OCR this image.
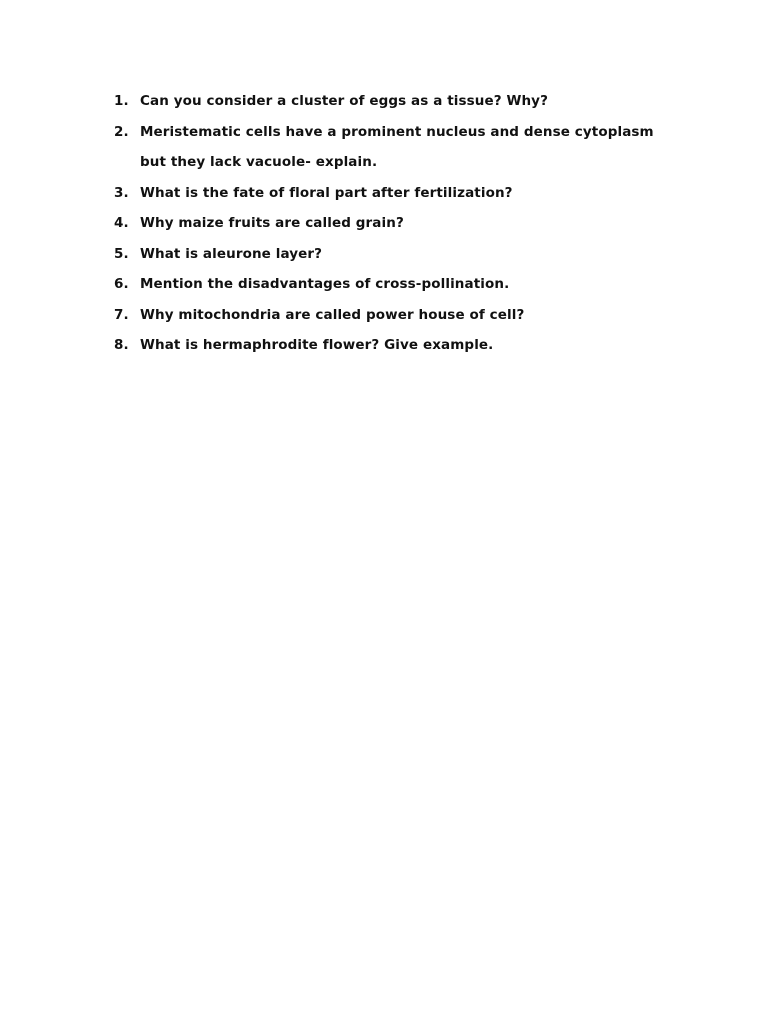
1. Can you consider a cluster of eggs as a tissue? Why?
2. Meristematic cells have a prominent nucleus and dense cytoplasm but they lack vacuole- explain.
3. What is the fate of floral part after fertilization?
4. Why maize fruits are called grain?
5. What is aleurone layer?
6. Mention the disadvantages of cross-pollination.
7. Why mitochondria are called power house of cell?
8. What is hermaphrodite flower? Give example.
